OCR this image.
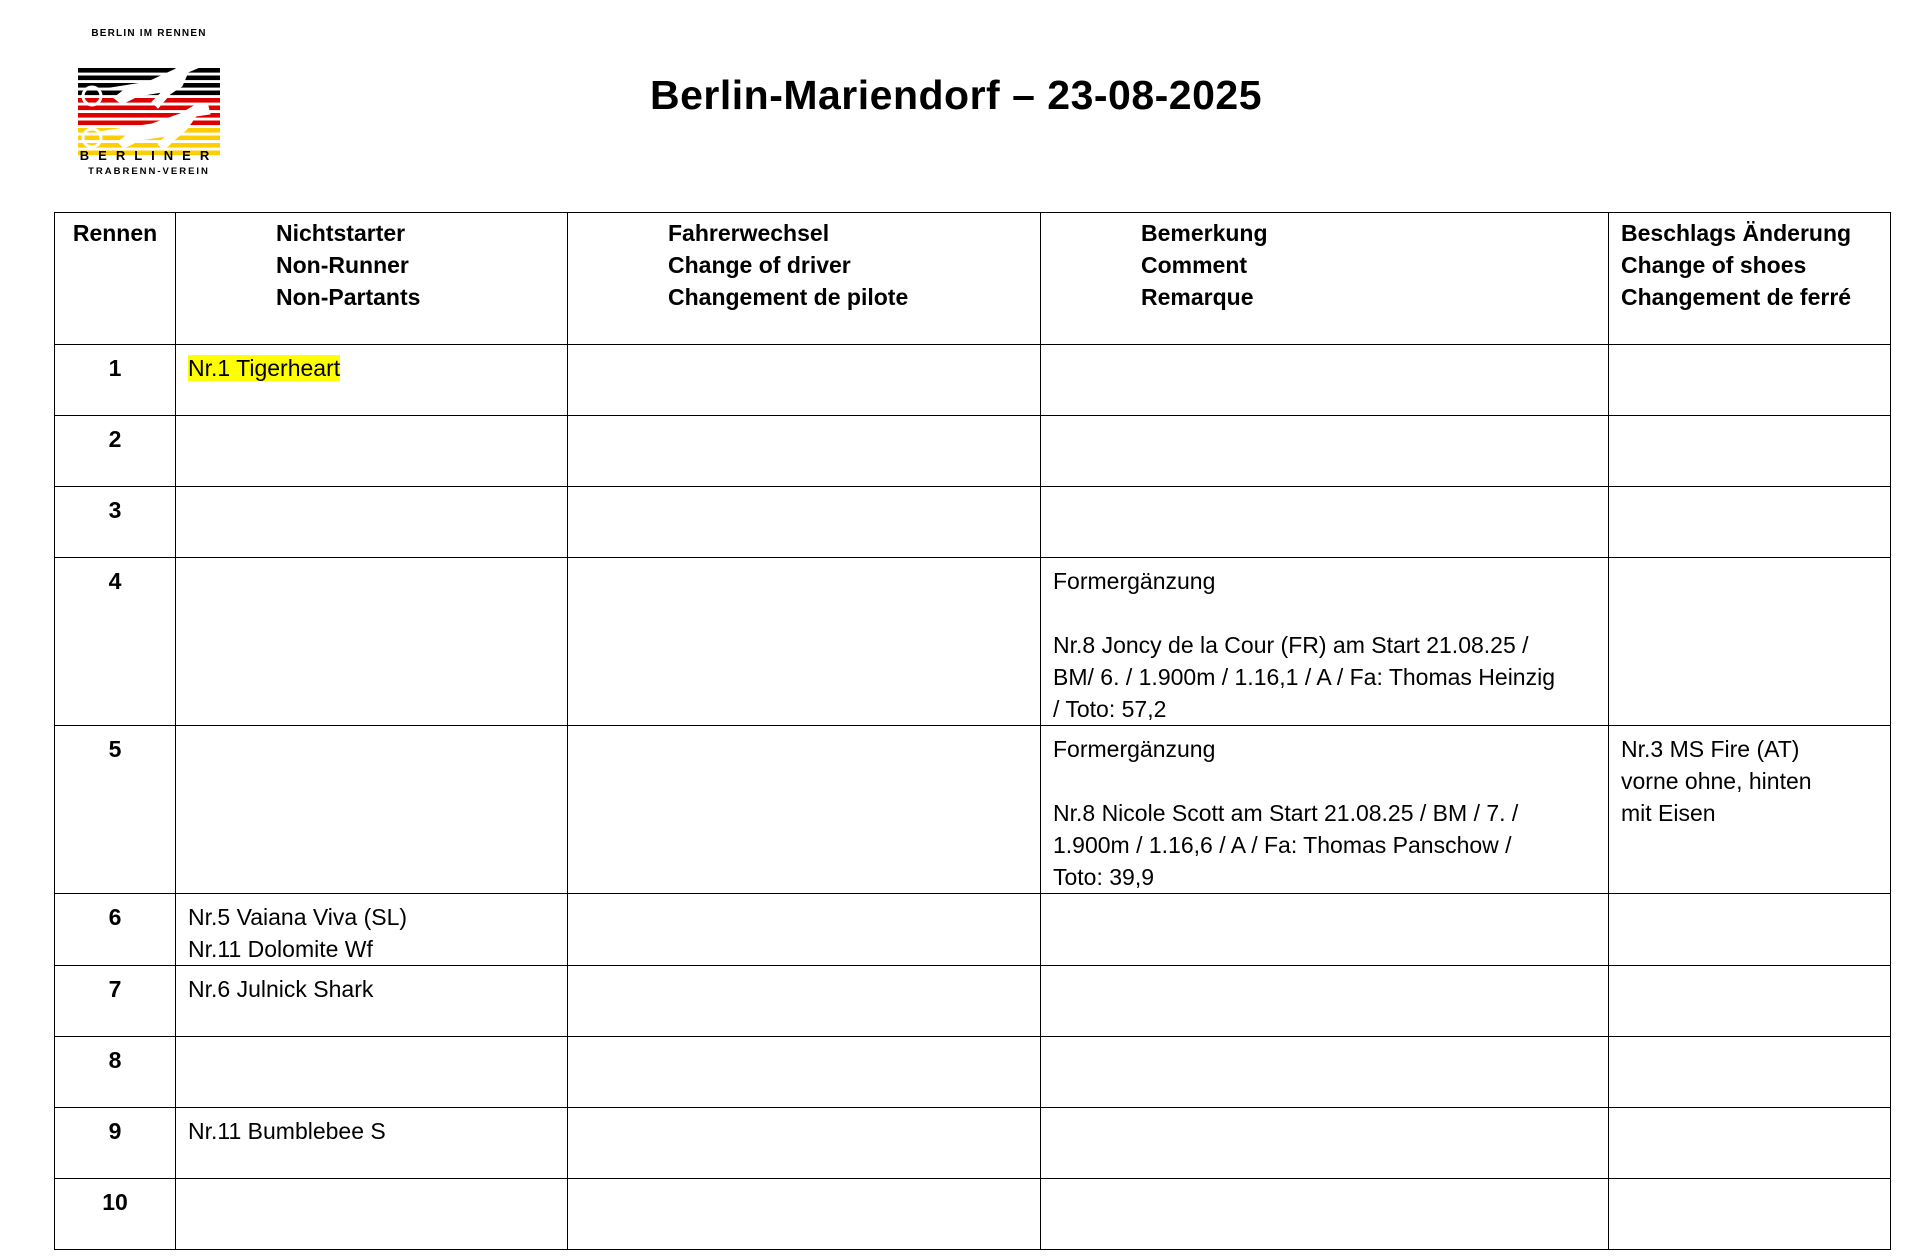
BERLIN IM RENNEN
BERLINER
TRABRENN-VEREIN
Berlin-Mariendorf – 23-08-2025
Rennen	Nichtstarter
Non-Runner
Non-Partants	Fahrerwechsel
Change of driver
Changement de pilote	Bemerkung
Comment
Remarque	Beschlags Änderung
Change of shoes
Changement de ferré

1	Nr.1 Tigerheart			

2	

3	

4			Formergänzung

Nr.8 Joncy de la Cour (FR) am Start 21.08.25 /
BM/ 6. / 1.900m / 1.16,1 / A / Fa: Thomas Heinzig
/ Toto: 57,2	

5			Formergänzung

Nr.8 Nicole Scott am Start 21.08.25 / BM / 7. /
1.900m / 1.16,6 / A / Fa: Thomas Panschow /
Toto: 39,9	Nr.3 MS Fire (AT)
vorne ohne, hinten
mit Eisen

6	Nr.5 Vaiana Viva (SL)
Nr.11 Dolomite Wf			

7	Nr.6 Julnick Shark			

8	

9	Nr.11 Bumblebee S			

10	
